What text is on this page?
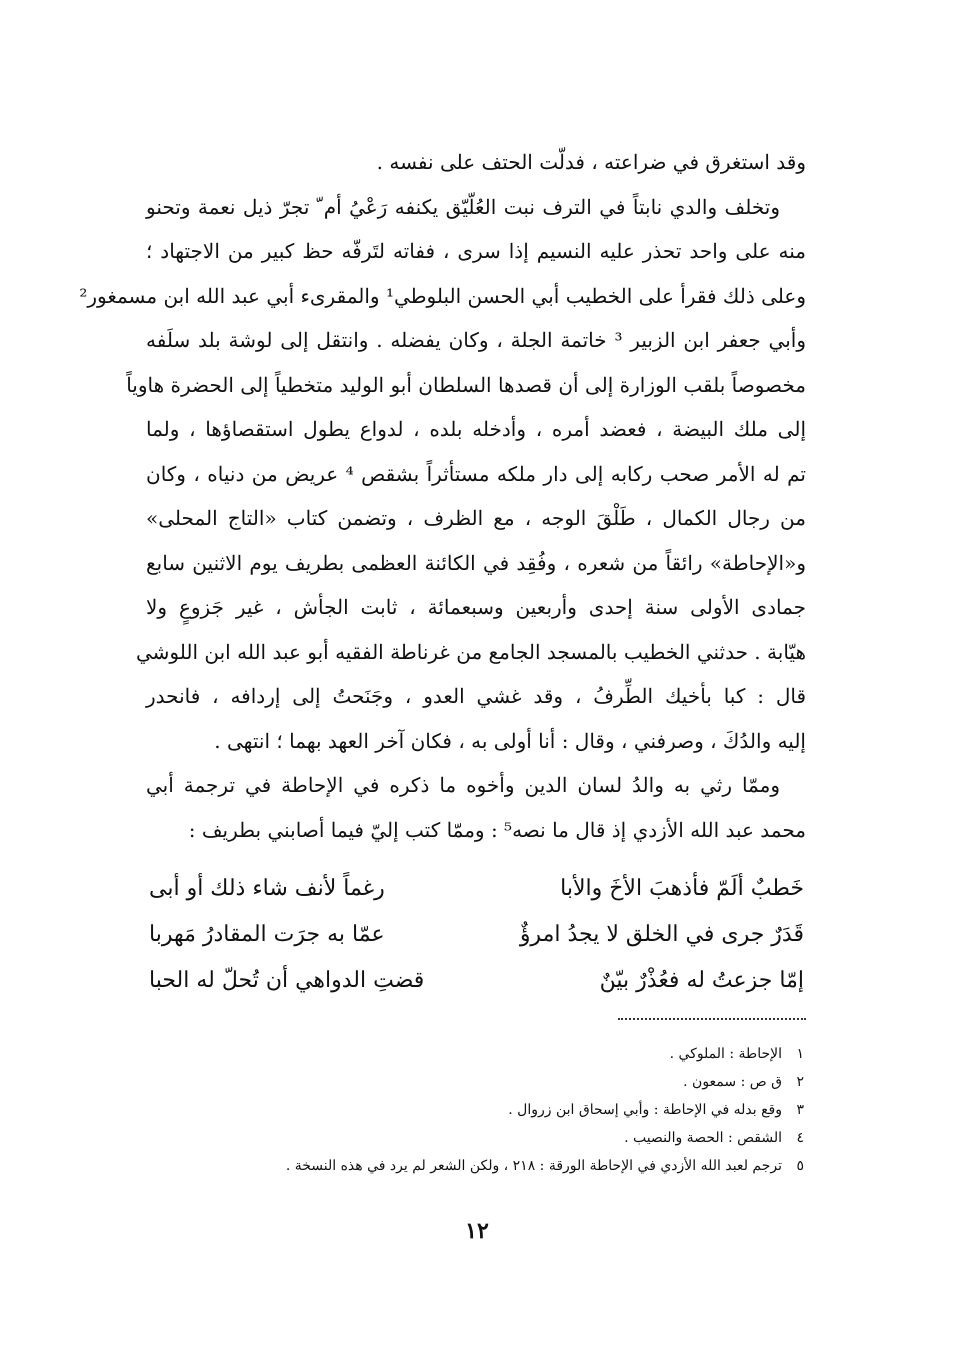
وقد استغرق في ضراعته ، فدلّت الحتف على نفسه .
وتخلف والدي نابتاً في الترف نبت العُلّيّق يكنفه رَعْيُ أم ّ تجرّ ذيل نعمة وتحنو
منه على واحد تحذر عليه النسيم إذا سرى ، ففاته لتَرفّه حظ كبير من الاجتهاد ؛
وعلى ذلك فقرأ على الخطيب أبي الحسن البلوطي¹ والمقرىء أبي عبد الله ابن مسمغور²
وأبي جعفر ابن الزبير ³ خاتمة الجلة ، وكان يفضله . وانتقل إلى لوشة بلد سلَفه
مخصوصاً بلقب الوزارة إلى أن قصدها السلطان أبو الوليد متخطياً إلى الحضرة هاوياً
إلى ملك البيضة ، فعضد أمره ، وأدخله بلده ، لدواع يطول استقصاؤها ، ولما
تم له الأمر صحب ركابه إلى دار ملكه مستأثراً بشقص ⁴ عريض من دنياه ، وكان
من رجال الكمال ، طَلْقَ الوجه ، مع الظرف ، وتضمن كتاب «التاج المحلى»
و«الإحاطة» رائقاً من شعره ، وفُقِد في الكائنة العظمى بطريف يوم الاثنين سابع
جمادى الأولى سنة إحدى وأربعين وسبعمائة ، ثابت الجأش ، غير جَزوعٍ ولا
هيّابة . حدثني الخطيب بالمسجد الجامع من غرناطة الفقيه أبو عبد الله ابن اللوشي
قال : كبا بأخيك الطِّرفُ ، وقد غشي العدو ، وجَنَحتُ إلى إردافه ، فانحدر
إليه والدُكَ ، وصرفني ، وقال : أنا أولى به ، فكان آخر العهد بهما ؛ انتهى .
وممّا رثي به والدُ لسان الدين وأخوه ما ذكره في الإحاطة في ترجمة أبي
محمد عبد الله الأزدي إذ قال ما نصه⁵ : وممّا كتب إليّ فيما أصابني بطريف :
خَطبٌ ألَمّ فأذهبَ الأخَ والأبا
رغماً لأنف شاء ذلك أو أبى
قَدَرٌ جرى في الخلق لا يجدُ امرؤٌ
عمّا به جرَت المقادرُ مَهربا
إمّا جزعتُ له فعُذْرٌ بيّنٌ
قضتِ الدواهي أن تُحلّ له الحبا
١
الإحاطة : الملوكي .
٢
ق ص : سمعون .
٣
وقع بدله في الإحاطة : وأبي إسحاق ابن زروال .
٤
الشقص : الحصة والنصيب .
٥
ترجم لعبد الله الأزدي في الإحاطة الورقة : ٢١٨ ، ولكن الشعر لم يرد في هذه النسخة .
١٢
